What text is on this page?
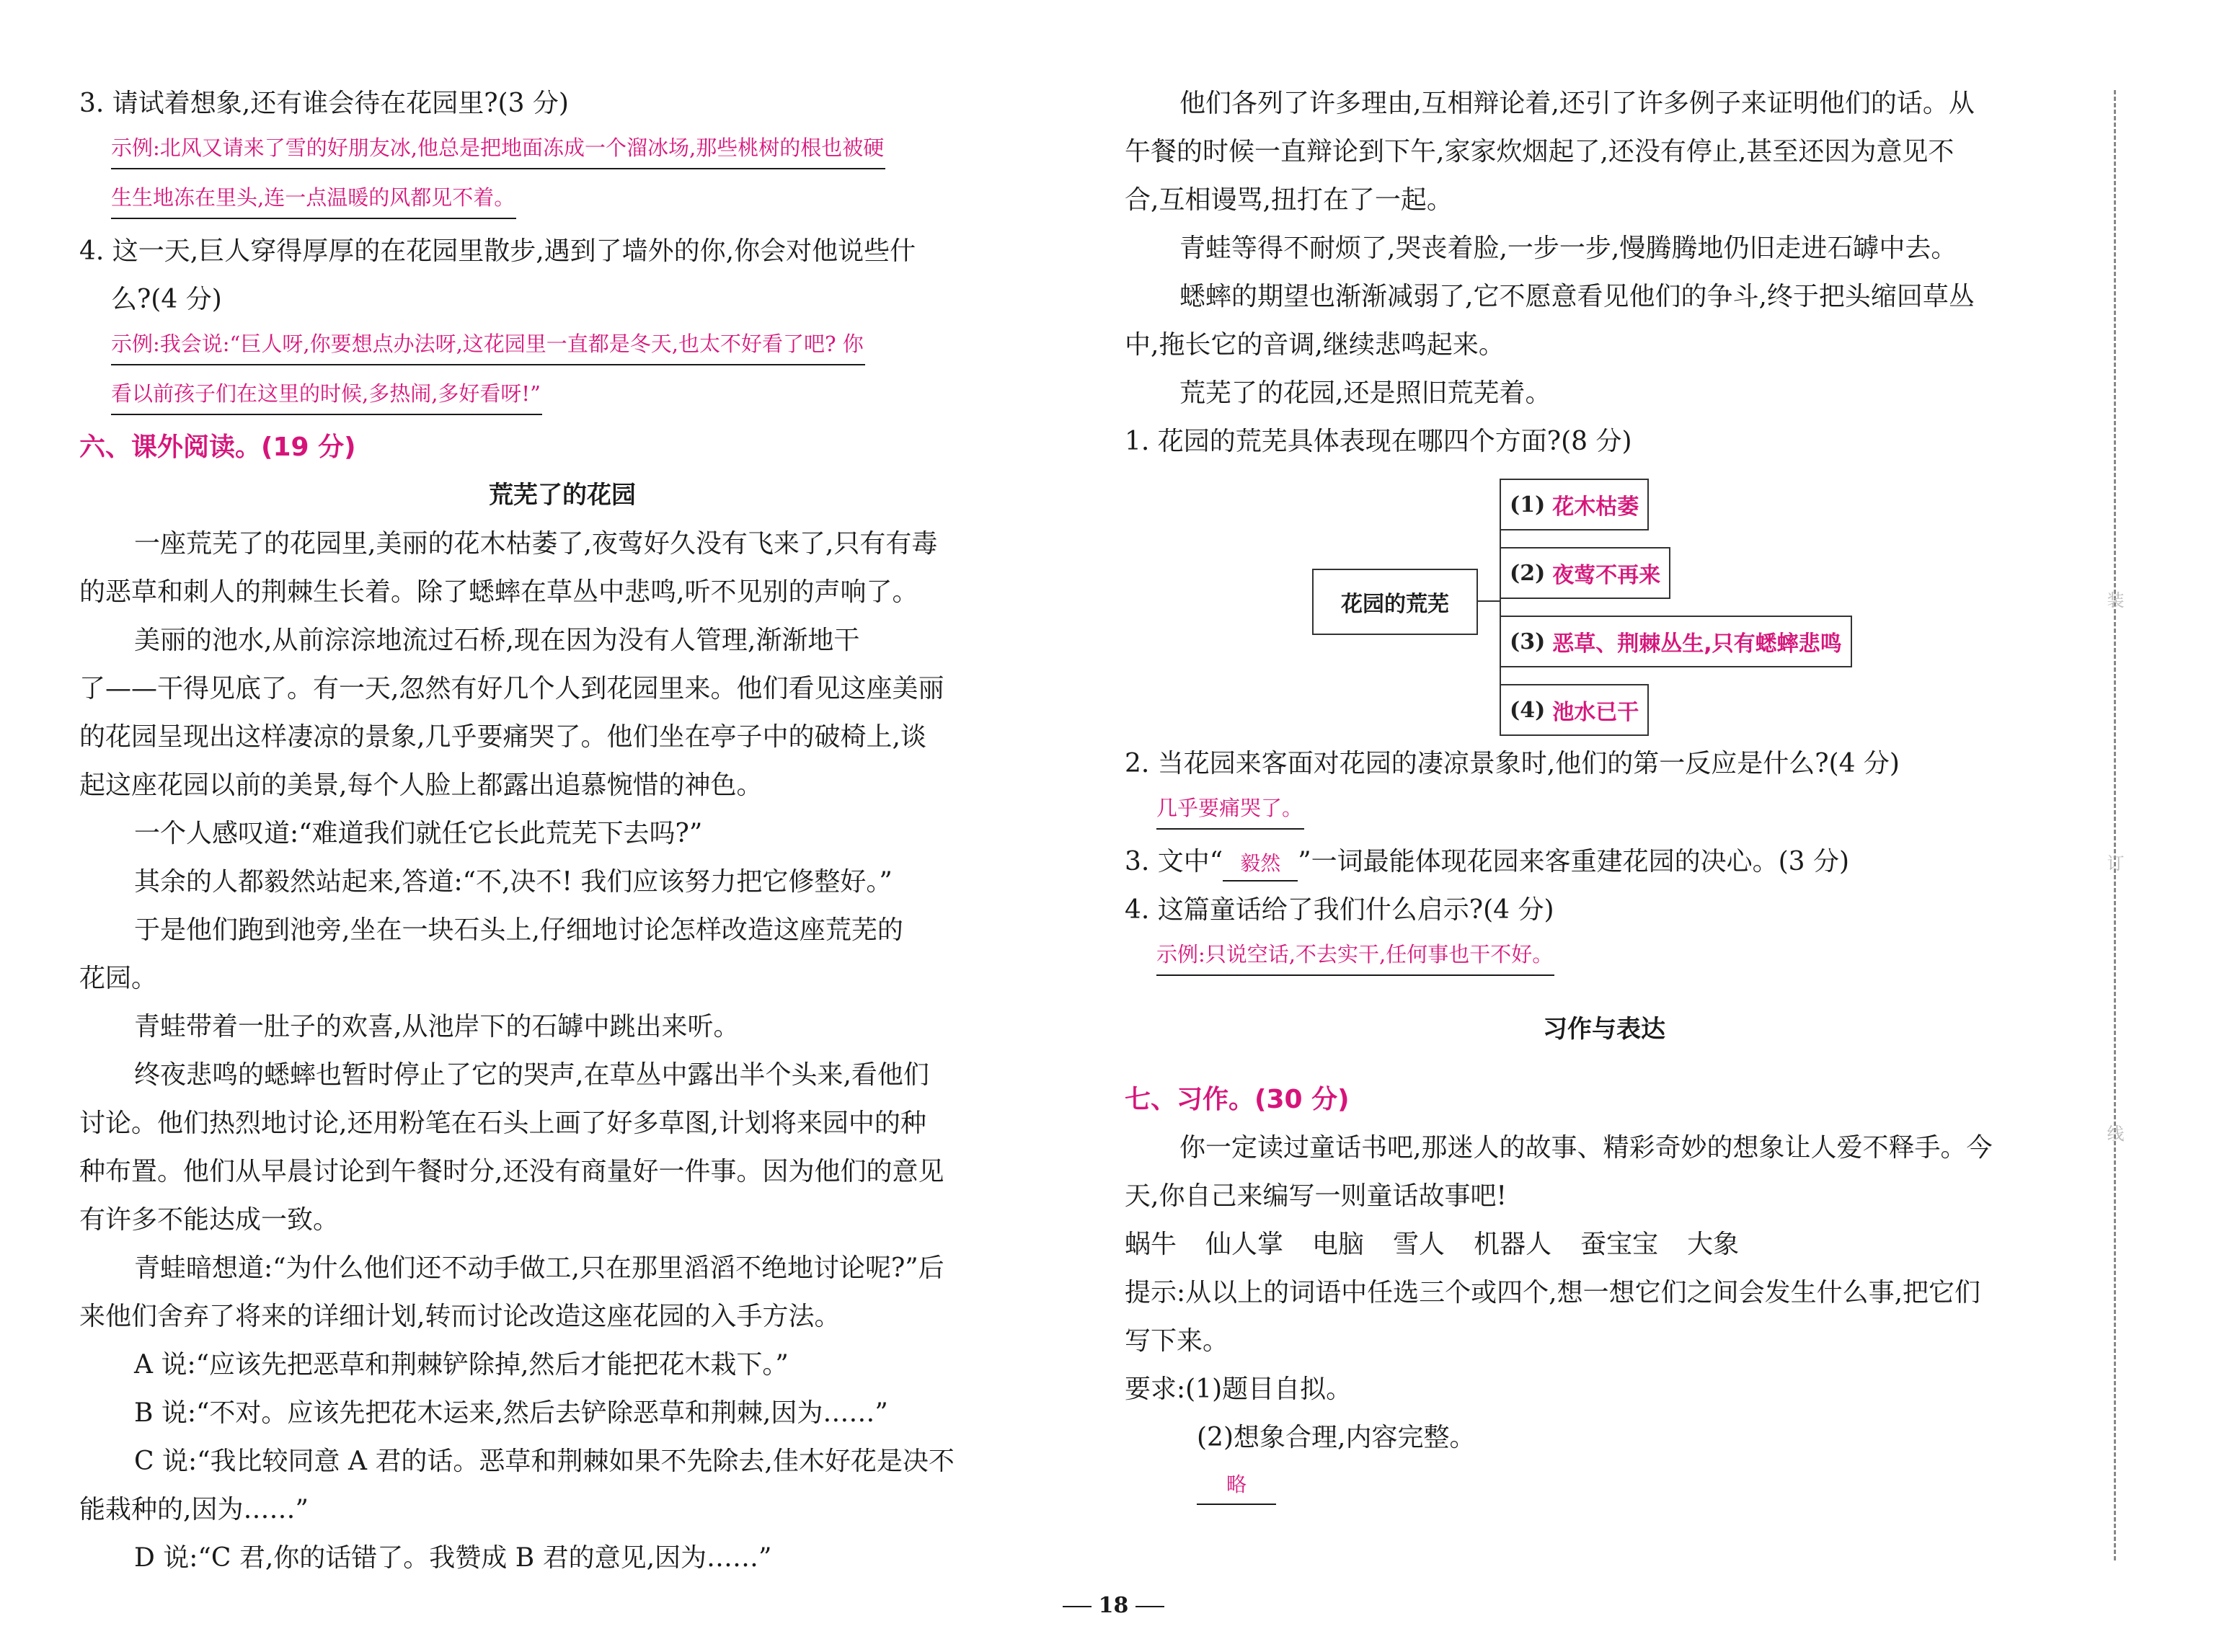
3. 请试着想象,还有谁会待在花园里?(3 分)
示例:北风又请来了雪的好朋友冰,他总是把地面冻成一个溜冰场,那些桃树的根也被硬
生生地冻在里头,连一点温暖的风都见不着。
4. 这一天,巨人穿得厚厚的在花园里散步,遇到了墙外的你,你会对他说些什
么?(4 分)
示例:我会说:“巨人呀,你要想点办法呀,这花园里一直都是冬天,也太不好看了吧? 你
看以前孩子们在这里的时候,多热闹,多好看呀!”
六、课外阅读。(19 分)
荒芜了的花园
一座荒芜了的花园里,美丽的花木枯萎了,夜莺好久没有飞来了,只有有毒
的恶草和刺人的荆棘生长着。除了蟋蟀在草丛中悲鸣,听不见别的声响了。
美丽的池水,从前淙淙地流过石桥,现在因为没有人管理,渐渐地干
了——干得见底了。有一天,忽然有好几个人到花园里来。他们看见这座美丽
的花园呈现出这样凄凉的景象,几乎要痛哭了。他们坐在亭子中的破椅上,谈
起这座花园以前的美景,每个人脸上都露出追慕惋惜的神色。
一个人感叹道:“难道我们就任它长此荒芜下去吗?”
其余的人都毅然站起来,答道:“不,决不! 我们应该努力把它修整好。”
于是他们跑到池旁,坐在一块石头上,仔细地讨论怎样改造这座荒芜的
花园。
青蛙带着一肚子的欢喜,从池岸下的石罅中跳出来听。
终夜悲鸣的蟋蟀也暂时停止了它的哭声,在草丛中露出半个头来,看他们
讨论。他们热烈地讨论,还用粉笔在石头上画了好多草图,计划将来园中的种
种布置。他们从早晨讨论到午餐时分,还没有商量好一件事。因为他们的意见
有许多不能达成一致。
青蛙暗想道:“为什么他们还不动手做工,只在那里滔滔不绝地讨论呢?”后
来他们舍弃了将来的详细计划,转而讨论改造这座花园的入手方法。
A 说:“应该先把恶草和荆棘铲除掉,然后才能把花木栽下。”
B 说:“不对。应该先把花木运来,然后去铲除恶草和荆棘,因为……”
C 说:“我比较同意 A 君的话。恶草和荆棘如果不先除去,佳木好花是决不
能栽种的,因为……”
D 说:“C 君,你的话错了。我赞成 B 君的意见,因为……”
他们各列了许多理由,互相辩论着,还引了许多例子来证明他们的话。从
午餐的时候一直辩论到下午,家家炊烟起了,还没有停止,甚至还因为意见不
合,互相谩骂,扭打在了一起。
青蛙等得不耐烦了,哭丧着脸,一步一步,慢腾腾地仍旧走进石罅中去。
蟋蟀的期望也渐渐减弱了,它不愿意看见他们的争斗,终于把头缩回草丛
中,拖长它的音调,继续悲鸣起来。
荒芜了的花园,还是照旧荒芜着。
1. 花园的荒芜具体表现在哪四个方面?(8 分)
花园的荒芜
(1) 花木枯萎
(2) 夜莺不再来
(3) 恶草、荆棘丛生,只有蟋蟀悲鸣
(4) 池水已干
2. 当花园来客面对花园的凄凉景象时,他们的第一反应是什么?(4 分)
几乎要痛哭了。
3. 文中“ 毅然 ”一词最能体现花园来客重建花园的决心。(3 分)
4. 这篇童话给了我们什么启示?(4 分)
示例:只说空话,不去实干,任何事也干不好。
习作与表达
七、习作。(30 分)
你一定读过童话书吧,那迷人的故事、精彩奇妙的想象让人爱不释手。今
天,你自己来编写一则童话故事吧!
蜗牛 仙人掌 电脑 雪人 机器人 蚕宝宝 大象
提示:从以上的词语中任选三个或四个,想一想它们之间会发生什么事,把它们
写下来。
要求:(1)题目自拟。
(2)想象合理,内容完整。
略
装
订
线
18
